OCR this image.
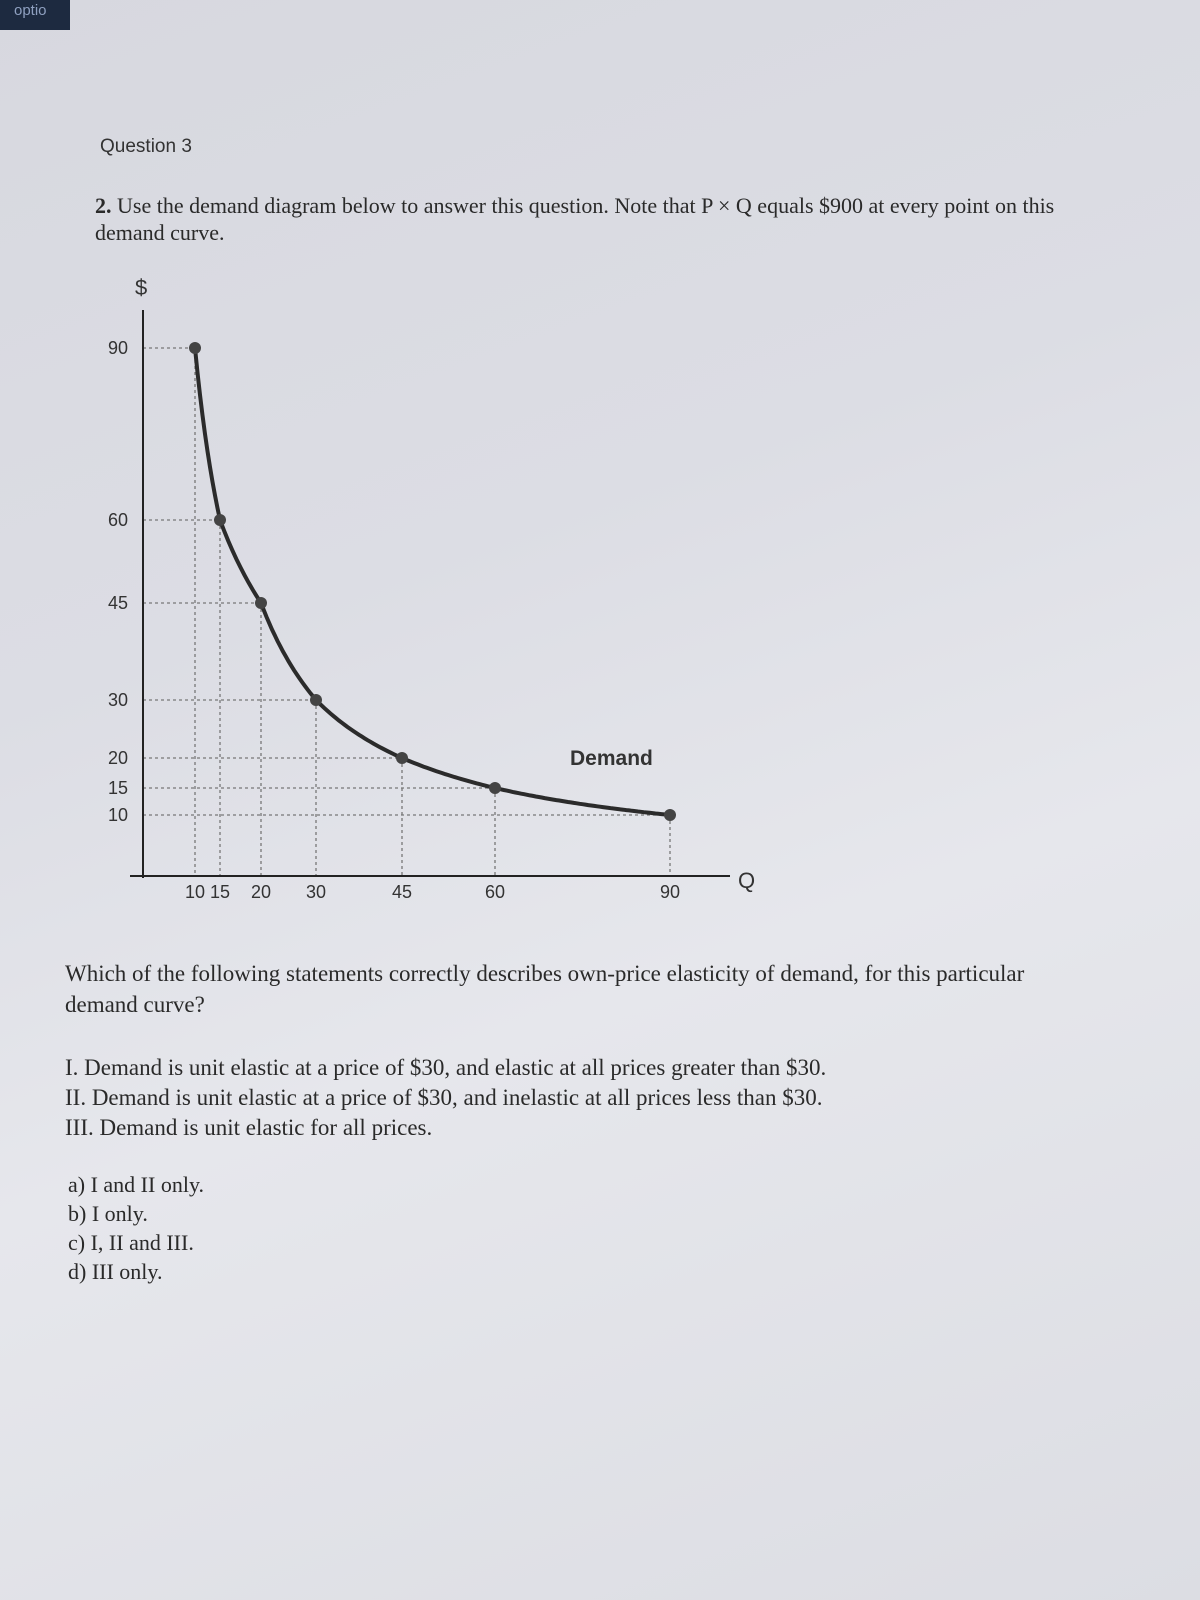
optio
Question 3
2. Use the demand diagram below to answer this question. Note that P × Q equals $900 at every point on this demand curve.
10 15 20 30	45	60	90
90
60
45
30
20
15
10
$
Q
Demand
Which of the following statements correctly describes own-price elasticity of demand, for this particular demand curve?
I. Demand is unit elastic at a price of $30, and elastic at all prices greater than $30.
II. Demand is unit elastic at a price of $30, and inelastic at all prices less than $30.
III. Demand is unit elastic for all prices.
a) I and II only.
b) I only.
c) I, II and III.
d) III only.
